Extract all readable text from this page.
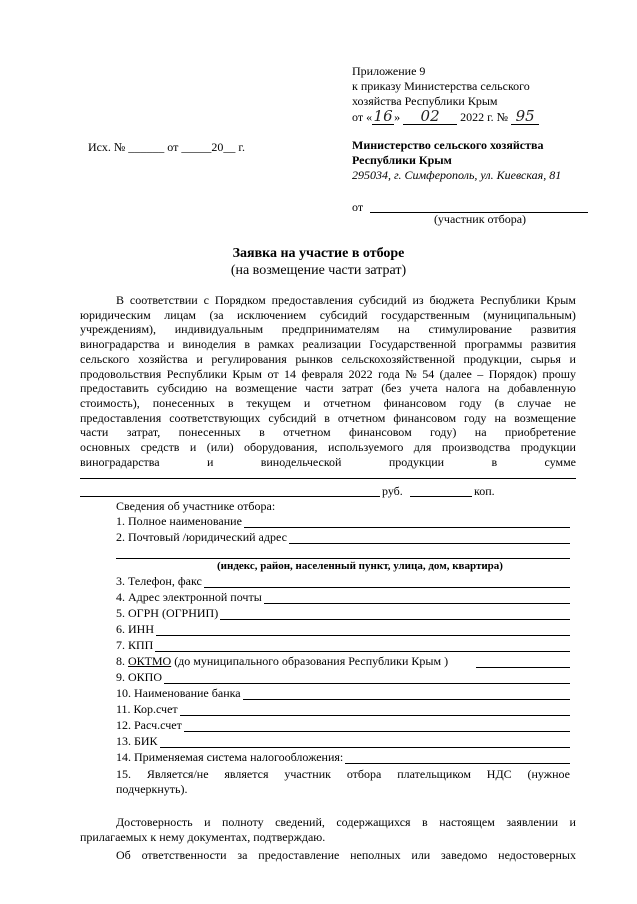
Приложение 9
к приказу Министерства сельского
хозяйства Республики Крым
от «16» 02 2022 г. № 95
Исх. № ______ от _____20__ г.	Министерство сельского хозяйства
Республики Крым
295034, г. Симферополь, ул. Киевская, 81
от
(участник отбора)
Заявка на участие в отборе
(на возмещение части затрат)
В соответствии с Порядком предоставления субсидий из бюджета Республики Крым
юридическим лицам (за исключением субсидий государственным (муниципальным)
учреждениям), индивидуальным предпринимателям на стимулирование развития
виноградарства и виноделия в рамках реализации Государственной программы развития
сельского хозяйства и регулирования рынков сельскохозяйственной продукции, сырья и
продовольствия Республики Крым от 14 февраля 2022 года № 54 (далее – Порядок) прошу
предоставить субсидию на возмещение части затрат (без учета налога на добавленную
стоимость), понесенных в текущем и отчетном финансовом году (в случае не
предоставления соответствующих субсидий в отчетном финансовом году на возмещение
части затрат, понесенных в отчетном финансовом году) на приобретение
основных средств и (или) оборудования, используемого для производства продукции
виноградарства	и	винодельческой	продукции	в	сумме
руб.	коп.
Сведения об участнике отбора:
1. Полное наименование
2. Почтовый /юридический адрес
(индекс, район, населенный пункт, улица, дом, квартира)
3. Телефон, факс
4. Адрес электронной почты
5. ОГРН (ОГРНИП)
6. ИНН
7. КПП
8. ОКТМО (до муниципального образования Республики Крым )
9. ОКПО
10. Наименование банка
11. Кор.счет
12. Расч.счет
13. БИК
14. Применяемая система налогообложения:
15. Является/не является участник отбора плательщиком НДС (нужное
подчеркнуть).
Достоверность и полноту сведений, содержащихся в настоящем заявлении и
прилагаемых к нему документах, подтверждаю.
Об ответственности за предоставление неполных или заведомо недостоверных
